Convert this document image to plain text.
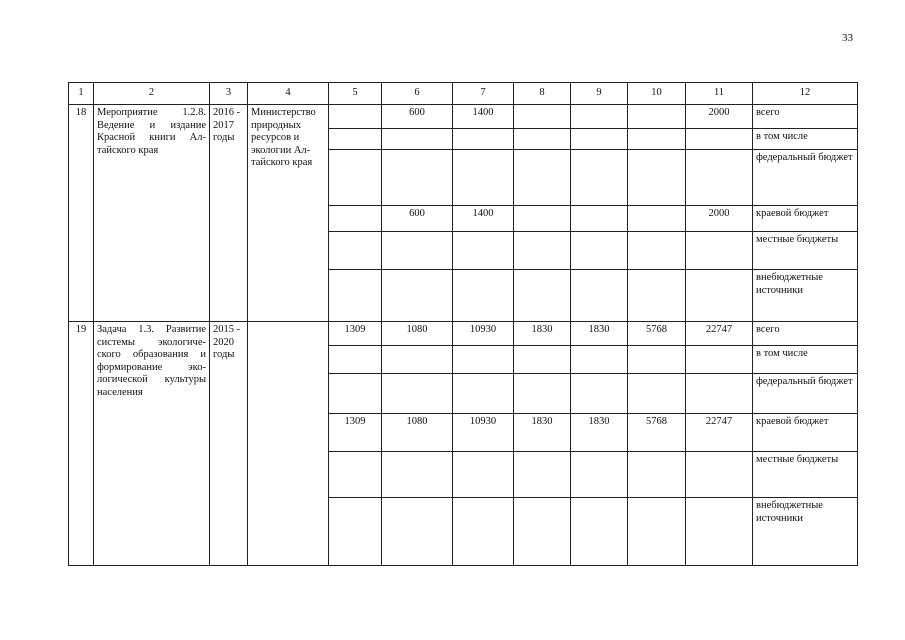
33
1	2	3	4	5	6	7	8	9	10	11	12
18	Мероприятие 1.2.8. Ведение и издание Красной книги Ал-тайского края	2016 - 2017 годы	Министерство природных ресурсов и экологии Ал-тайского края		600	1400				2000	всего
											в том числе
											федеральный бюджет
					600	1400				2000	краевой бюджет
											местные бюджеты
											внебюджетные источники
19	Задача 1.3. Развитие системы экологиче-ского образования и формирование эко-логической культуры населения	2015 - 2020 годы		1309	1080	10930	1830	1830	5768	22747	всего
											в том числе
											федеральный бюджет
				1309	1080	10930	1830	1830	5768	22747	краевой бюджет
											местные бюджеты
											внебюджетные источники
